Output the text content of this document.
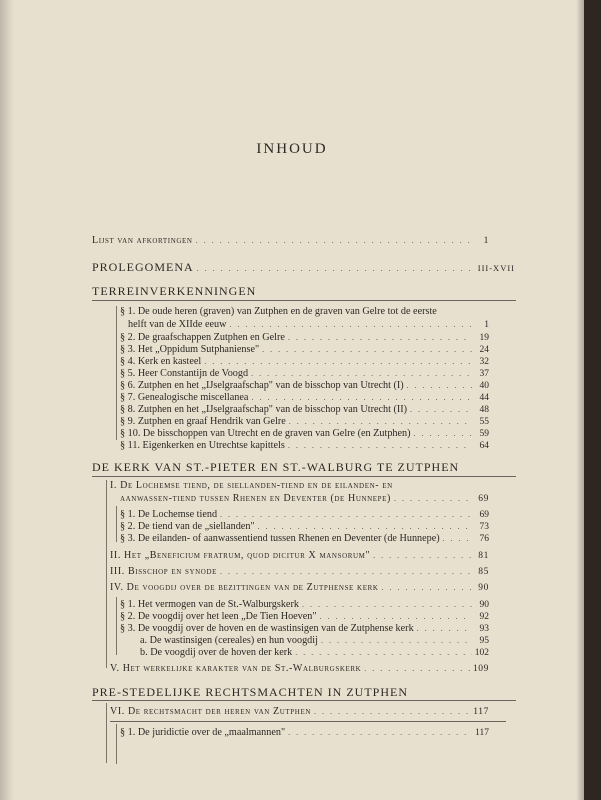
INHOUD
Lijst van afkortingen . . .	1
PROLEGOMENA . . .	III-XVII
TERREINVERKENNINGEN
§ 1. De oude heren (graven) van Zutphen en de graven van Gelre tot de eerste
helft van de XIIde eeuw . . .	1
§ 2. De graafschappen Zutphen en Gelre . . .	19
§ 3. Het „Oppidum Sutphaniense" . . .	24
§ 4. Kerk en kasteel . . .	32
§ 5. Heer Constantijn de Voogd . . .	37
§ 6. Zutphen en het „IJselgraafschap" van de bisschop van Utrecht (I) . . .	40
§ 7. Genealogische miscellanea . . .	44
§ 8. Zutphen en het „IJselgraafschap" van de bisschop van Utrecht (II) . . .	48
§ 9. Zutphen en graaf Hendrik van Gelre . . .	55
§ 10. De bisschoppen van Utrecht en de graven van Gelre (en Zutphen) . . .	59
§ 11. Eigenkerken en Utrechtse kapittels . . .	64
DE KERK VAN ST.-PIETER EN ST.-WALBURG TE ZUTPHEN
I. De Lochemse tiend, de siellanden-tiend en de eilanden- en
aanwassen-tiend tussen Rhenen en Deventer (de Hunnepe) . . .	69
§ 1. De Lochemse tiend . . .	69
§ 2. De tiend van de „siellanden" . . .	73
§ 3. De eilanden- of aanwassentiend tussen Rhenen en Deventer (de Hunnepe) . . .	76
II. Het „Beneficium fratrum, quod dicitur X mansorum" . . .	81
III. Bisschop en synode . . .	85
IV. De voogdij over de bezittingen van de Zutphense kerk . . .	90
§ 1. Het vermogen van de St.-Walburgskerk . . .	90
§ 2. De voogdij over het leen „De Tien Hoeven" . . .	92
§ 3. De voogdij over de hoven en de wastinsigen van de Zutphense kerk . . .	93
a. De wastinsigen (cereales) en hun voogdij . . .	95
b. De voogdij over de hoven der kerk . . .	102
V. Het werkelijke karakter van de St.-Walburgskerk . . .	109
PRE-STEDELIJKE RECHTSMACHTEN IN ZUTPHEN
VI. De rechtsmacht der heren van Zutphen . . .	117
§ 1. De juridictie over de „maalmannen" . . .	117
